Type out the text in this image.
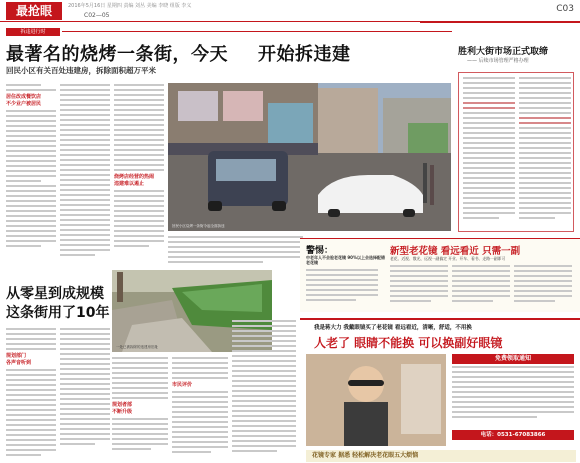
最抢眼	2016年5月16日 星期四 责编 刘丛 美编 李晓 组版 李义
C02—05
C03
拆违进行时
最著名的烧烤一条街，今天 开始拆违建
回民小区有关百处违建房，拆除面积超万平米
居住改成餐饮店
不少业户被居民
烧烤店经营的热闹
违建难以遏止
回民小区烧烤一条街今起全面拆违
胜利大街市场正式取缔
—— 后续市场管理严格办理
从零星到成规模
这条街用了10年
规划部门
各声音听到
一处已被拆除的违建房旧址
规划者部
不断升级
市民评价
警惕：
中老年人不会验老花镜 90%以上会选择配错老花镜
新型老花镜 看远看近 只需一副
老花、近视、散光、远视一副搞定 开业、开车、看书、走路一副即可
我是蒋大力 我戴眼镜买了老花镜 看远看近，清晰，舒适，不用换
人老了 眼睛不能换 可以换副好眼镜
免费领取通知
电话：0531-67083866
花镜专家 据悉 轻松解决老花眼五大烦恼
